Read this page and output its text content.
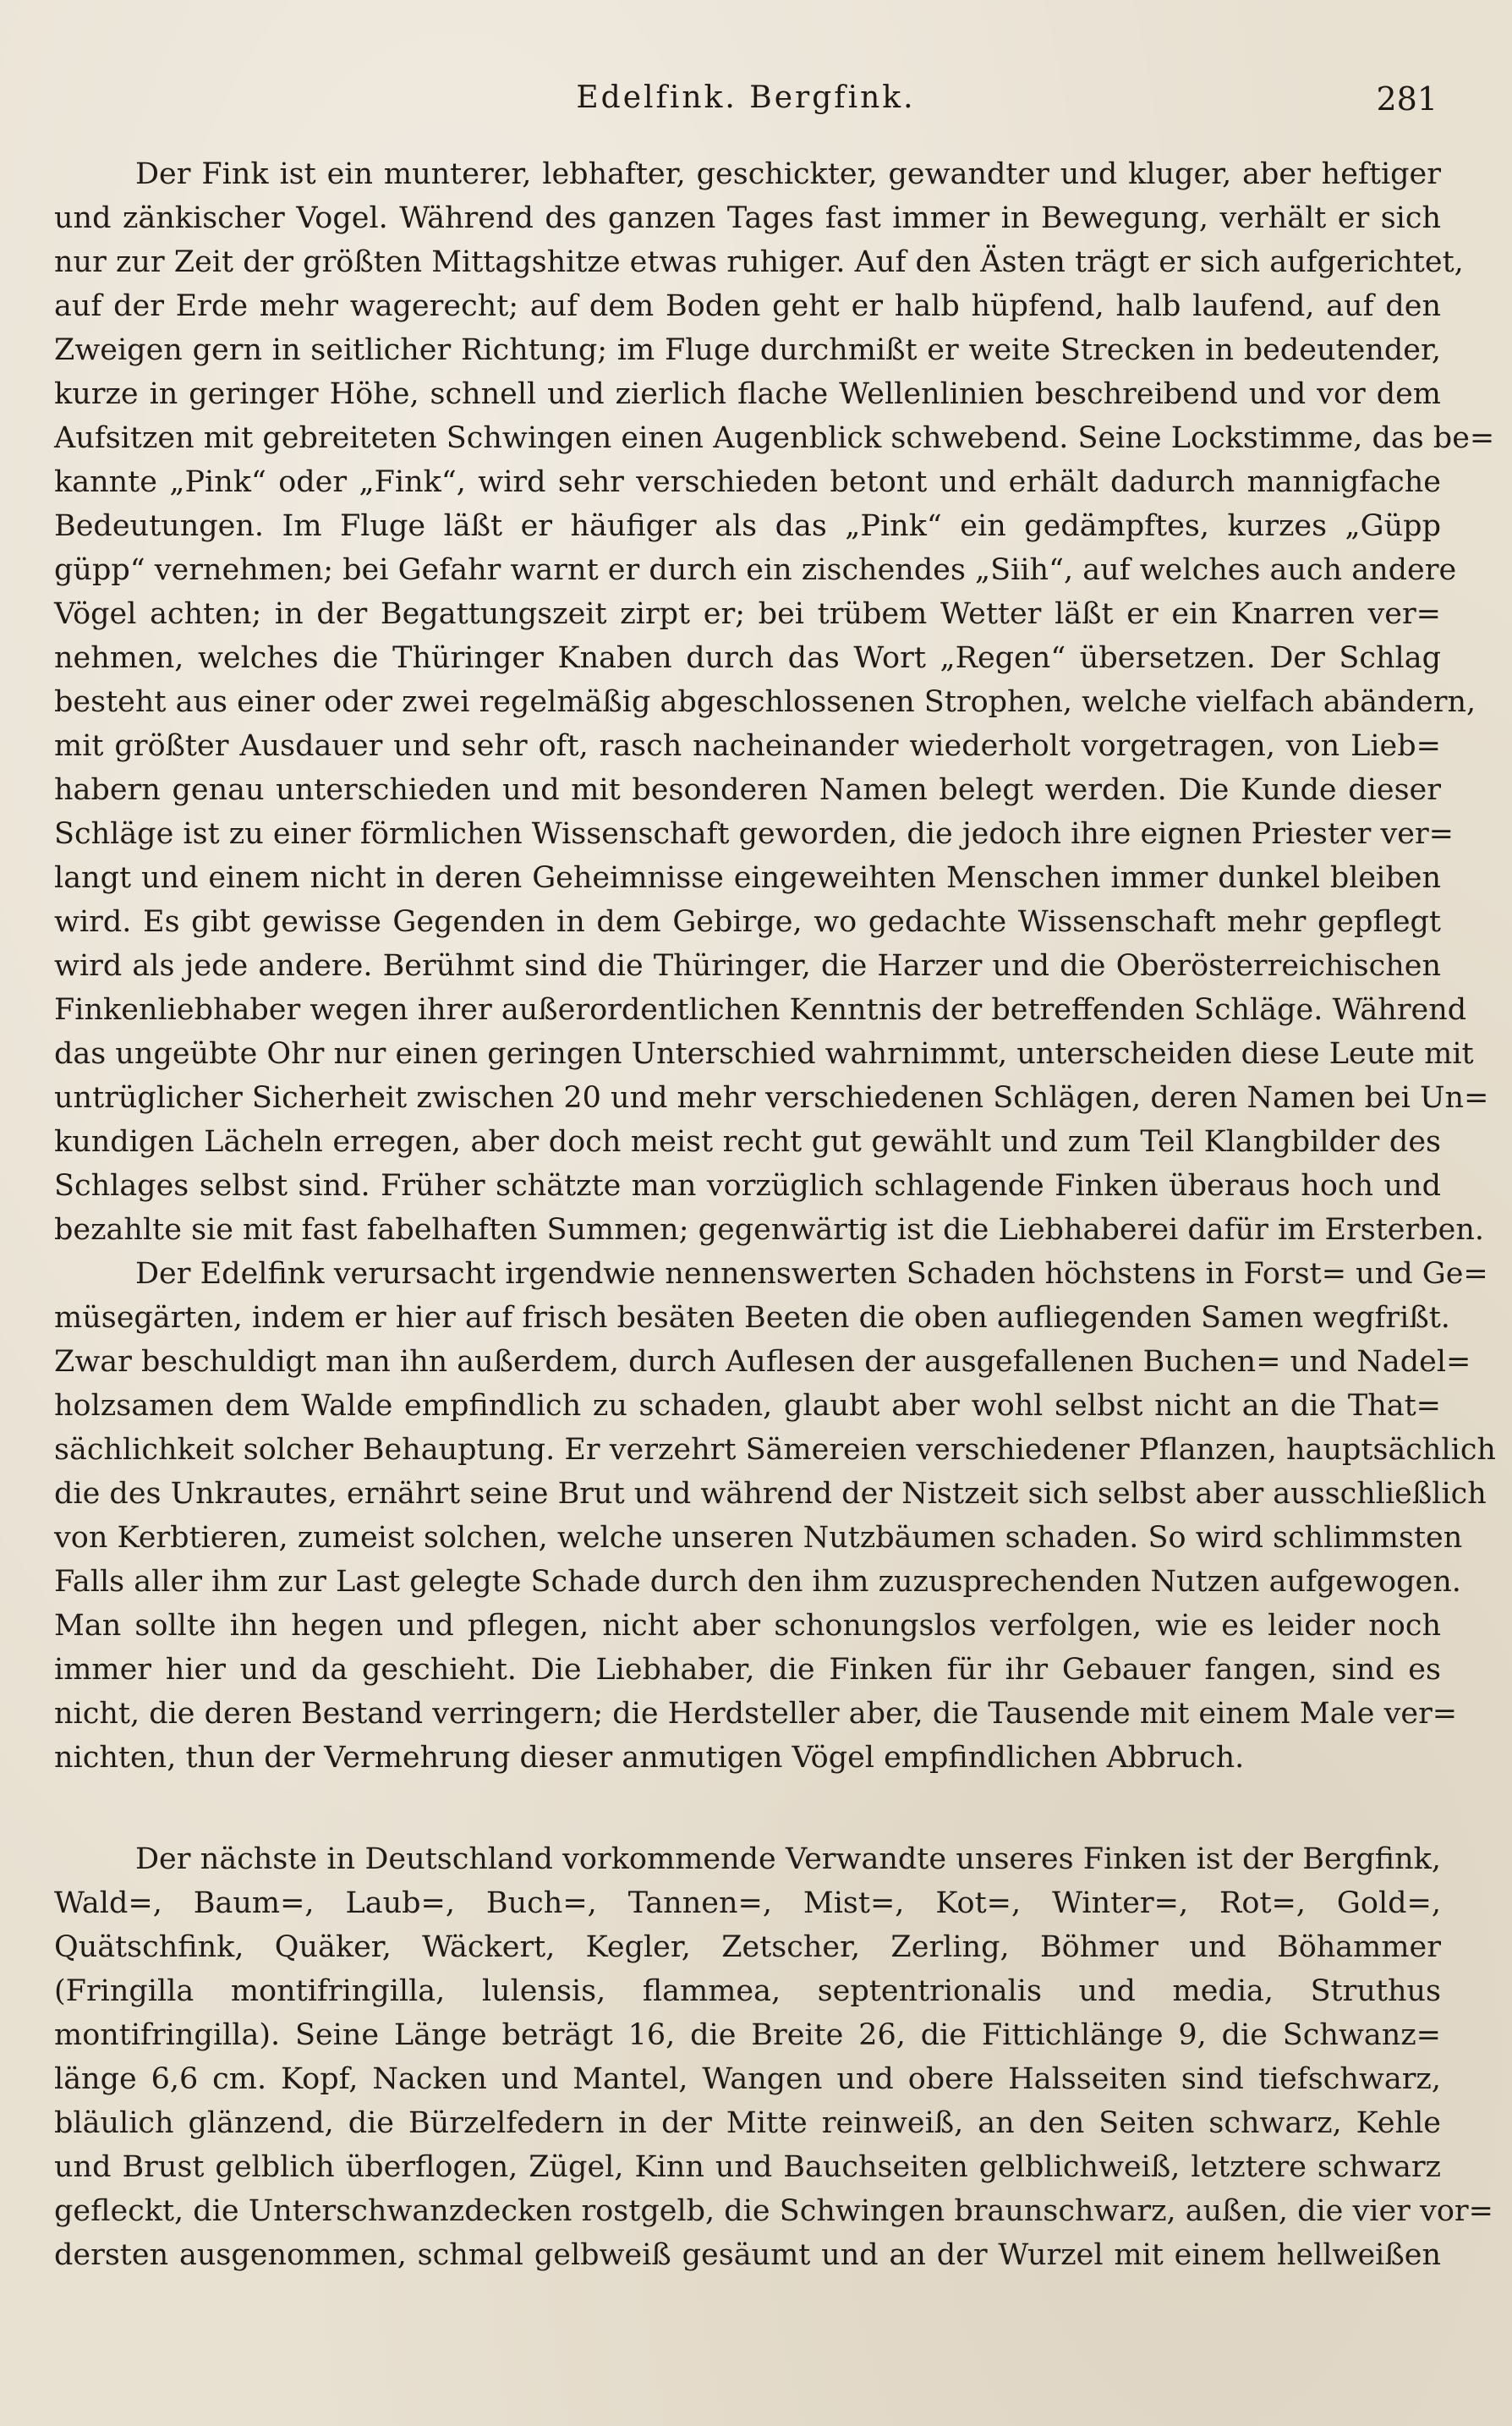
Edelfink. Bergfink.	281
Der Fink ist ein munterer, lebhafter, geschickter, gewandter und kluger, aber heftiger
und zänkischer Vogel. Während des ganzen Tages fast immer in Bewegung, verhält er sich
nur zur Zeit der größten Mittagshitze etwas ruhiger. Auf den Ästen trägt er sich aufgerichtet,
auf der Erde mehr wagerecht; auf dem Boden geht er halb hüpfend, halb laufend, auf den
Zweigen gern in seitlicher Richtung; im Fluge durchmißt er weite Strecken in bedeutender,
kurze in geringer Höhe, schnell und zierlich flache Wellenlinien beschreibend und vor dem
Aufsitzen mit gebreiteten Schwingen einen Augenblick schwebend. Seine Lockstimme, das be=
kannte „Pink“ oder „Fink“, wird sehr verschieden betont und erhält dadurch mannigfache
Bedeutungen. Im Fluge läßt er häufiger als das „Pink“ ein gedämpftes, kurzes „Güpp
güpp“ vernehmen; bei Gefahr warnt er durch ein zischendes „Siih“, auf welches auch andere
Vögel achten; in der Begattungszeit zirpt er; bei trübem Wetter läßt er ein Knarren ver=
nehmen, welches die Thüringer Knaben durch das Wort „Regen“ übersetzen. Der Schlag
besteht aus einer oder zwei regelmäßig abgeschlossenen Strophen, welche vielfach abändern,
mit größter Ausdauer und sehr oft, rasch nacheinander wiederholt vorgetragen, von Lieb=
habern genau unterschieden und mit besonderen Namen belegt werden. Die Kunde dieser
Schläge ist zu einer förmlichen Wissenschaft geworden, die jedoch ihre eignen Priester ver=
langt und einem nicht in deren Geheimnisse eingeweihten Menschen immer dunkel bleiben
wird. Es gibt gewisse Gegenden in dem Gebirge, wo gedachte Wissenschaft mehr gepflegt
wird als jede andere. Berühmt sind die Thüringer, die Harzer und die Oberösterreichischen
Finkenliebhaber wegen ihrer außerordentlichen Kenntnis der betreffenden Schläge. Während
das ungeübte Ohr nur einen geringen Unterschied wahrnimmt, unterscheiden diese Leute mit
untrüglicher Sicherheit zwischen 20 und mehr verschiedenen Schlägen, deren Namen bei Un=
kundigen Lächeln erregen, aber doch meist recht gut gewählt und zum Teil Klangbilder des
Schlages selbst sind. Früher schätzte man vorzüglich schlagende Finken überaus hoch und
bezahlte sie mit fast fabelhaften Summen; gegenwärtig ist die Liebhaberei dafür im Ersterben.
Der Edelfink verursacht irgendwie nennenswerten Schaden höchstens in Forst= und Ge=
müsegärten, indem er hier auf frisch besäten Beeten die oben aufliegenden Samen wegfrißt.
Zwar beschuldigt man ihn außerdem, durch Auflesen der ausgefallenen Buchen= und Nadel=
holzsamen dem Walde empfindlich zu schaden, glaubt aber wohl selbst nicht an die That=
sächlichkeit solcher Behauptung. Er verzehrt Sämereien verschiedener Pflanzen, hauptsächlich
die des Unkrautes, ernährt seine Brut und während der Nistzeit sich selbst aber ausschließlich
von Kerbtieren, zumeist solchen, welche unseren Nutzbäumen schaden. So wird schlimmsten
Falls aller ihm zur Last gelegte Schade durch den ihm zuzusprechenden Nutzen aufgewogen.
Man sollte ihn hegen und pflegen, nicht aber schonungslos verfolgen, wie es leider noch
immer hier und da geschieht. Die Liebhaber, die Finken für ihr Gebauer fangen, sind es
nicht, die deren Bestand verringern; die Herdsteller aber, die Tausende mit einem Male ver=
nichten, thun der Vermehrung dieser anmutigen Vögel empfindlichen Abbruch.
Der nächste in Deutschland vorkommende Verwandte unseres Finken ist der Bergfink,
Wald=, Baum=, Laub=, Buch=, Tannen=, Mist=, Kot=, Winter=, Rot=, Gold=,
Quätschfink, Quäker, Wäckert, Kegler, Zetscher, Zerling, Böhmer und Böhammer
(Fringilla montifringilla, lulensis, flammea, septentrionalis und media, Struthus
montifringilla). Seine Länge beträgt 16, die Breite 26, die Fittichlänge 9, die Schwanz=
länge 6,6 cm. Kopf, Nacken und Mantel, Wangen und obere Halsseiten sind tiefschwarz,
bläulich glänzend, die Bürzelfedern in der Mitte reinweiß, an den Seiten schwarz, Kehle
und Brust gelblich überflogen, Zügel, Kinn und Bauchseiten gelblichweiß, letztere schwarz
gefleckt, die Unterschwanzdecken rostgelb, die Schwingen braunschwarz, außen, die vier vor=
dersten ausgenommen, schmal gelbweiß gesäumt und an der Wurzel mit einem hellweißen
